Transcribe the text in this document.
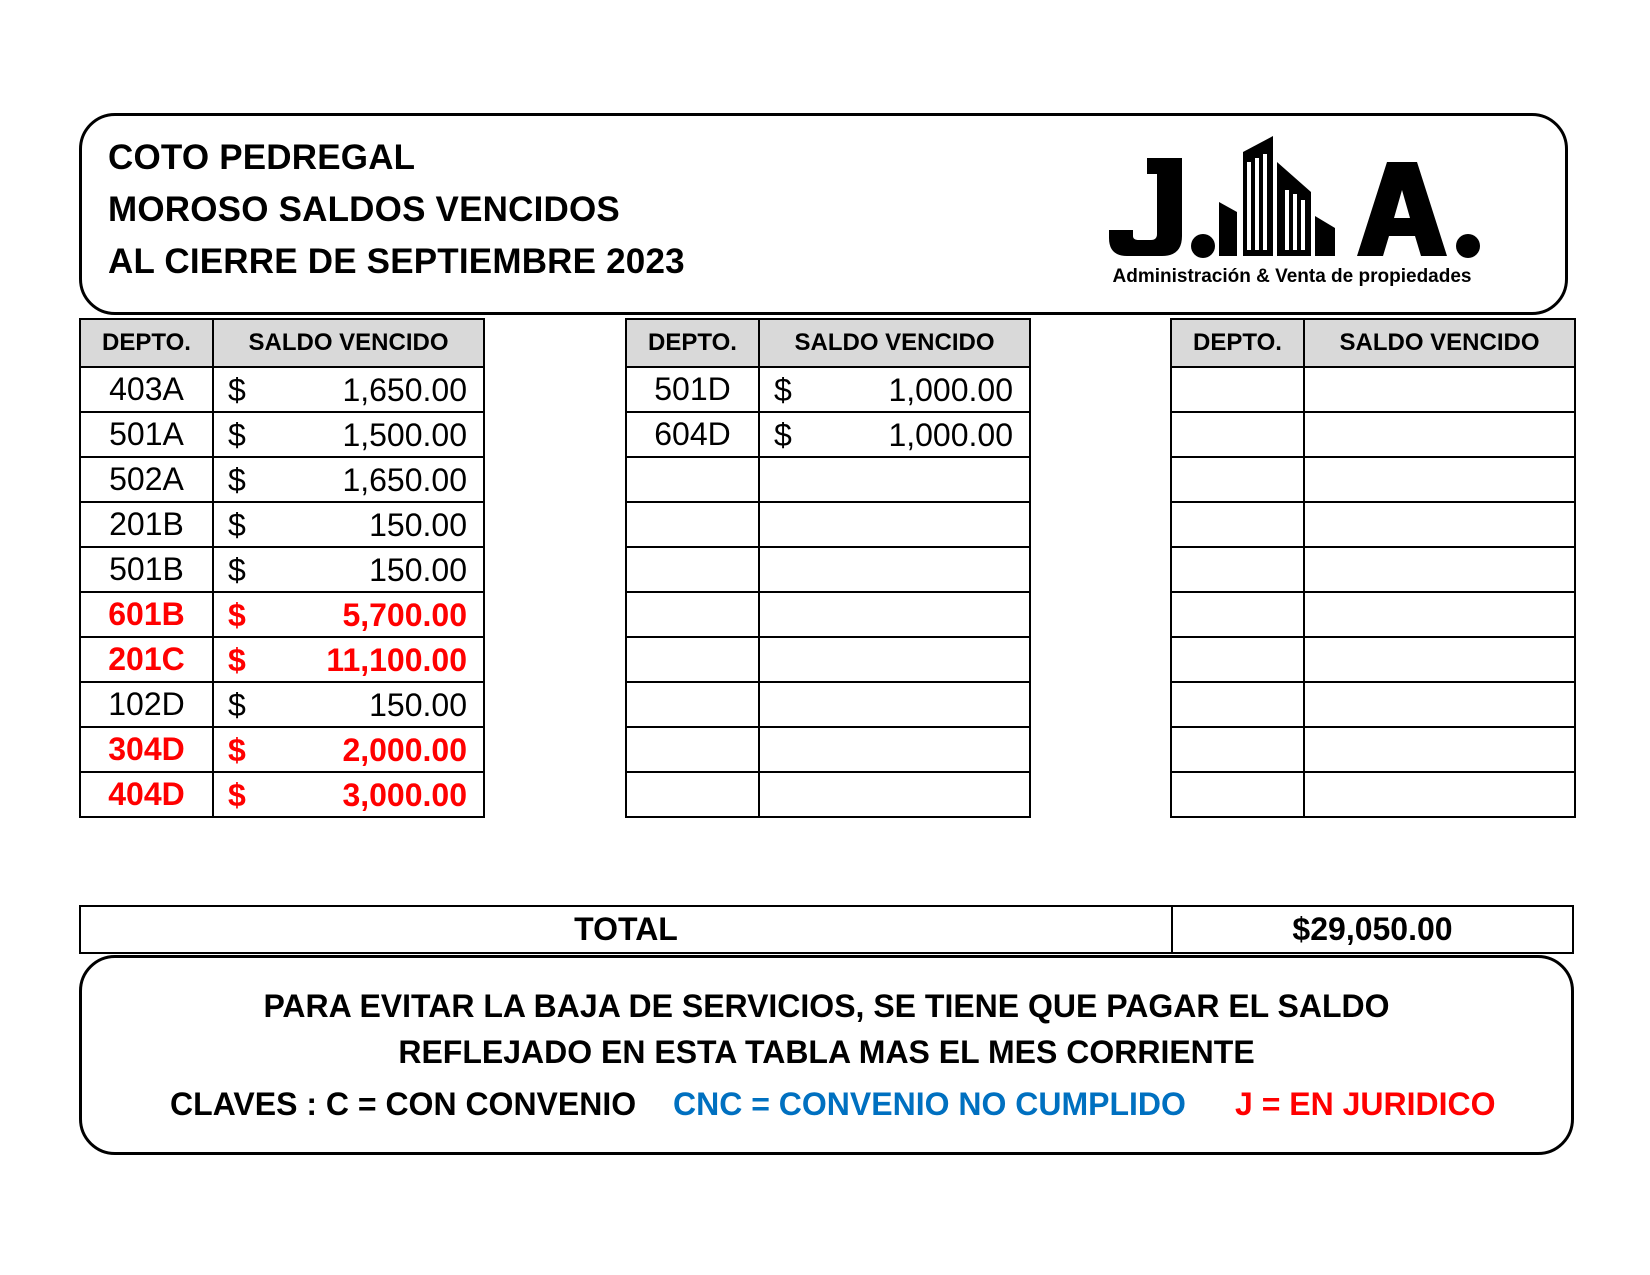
COTO PEDREGAL
MOROSO SALDOS VENCIDOS
AL CIERRE DE SEPTIEMBRE 2023	Administración & Venta de propiedades
DEPTO.	SALDO VENCIDO
403A	$ 1,650.00

501A	$ 1,500.00

502A	$ 1,650.00

201B	$ 150.00

501B	$ 150.00

601B	$ 5,700.00

201C	$ 11,100.00

102D	$ 150.00

304D	$ 2,000.00

404D	$ 3,000.00
DEPTO.	SALDO VENCIDO
501D	$ 1,000.00

604D	$ 1,000.00

DEPTO.	SALDO VENCIDO

TOTAL	$29,050.00
PARA EVITAR LA BAJA DE SERVICIOS, SE TIENE QUE PAGAR EL SALDO
REFLEJADO EN ESTA TABLA MAS EL MES CORRIENTE
CLAVES : C = CON CONVENIO CNC = CONVENIO NO CUMPLIDO J = EN JURIDICO
